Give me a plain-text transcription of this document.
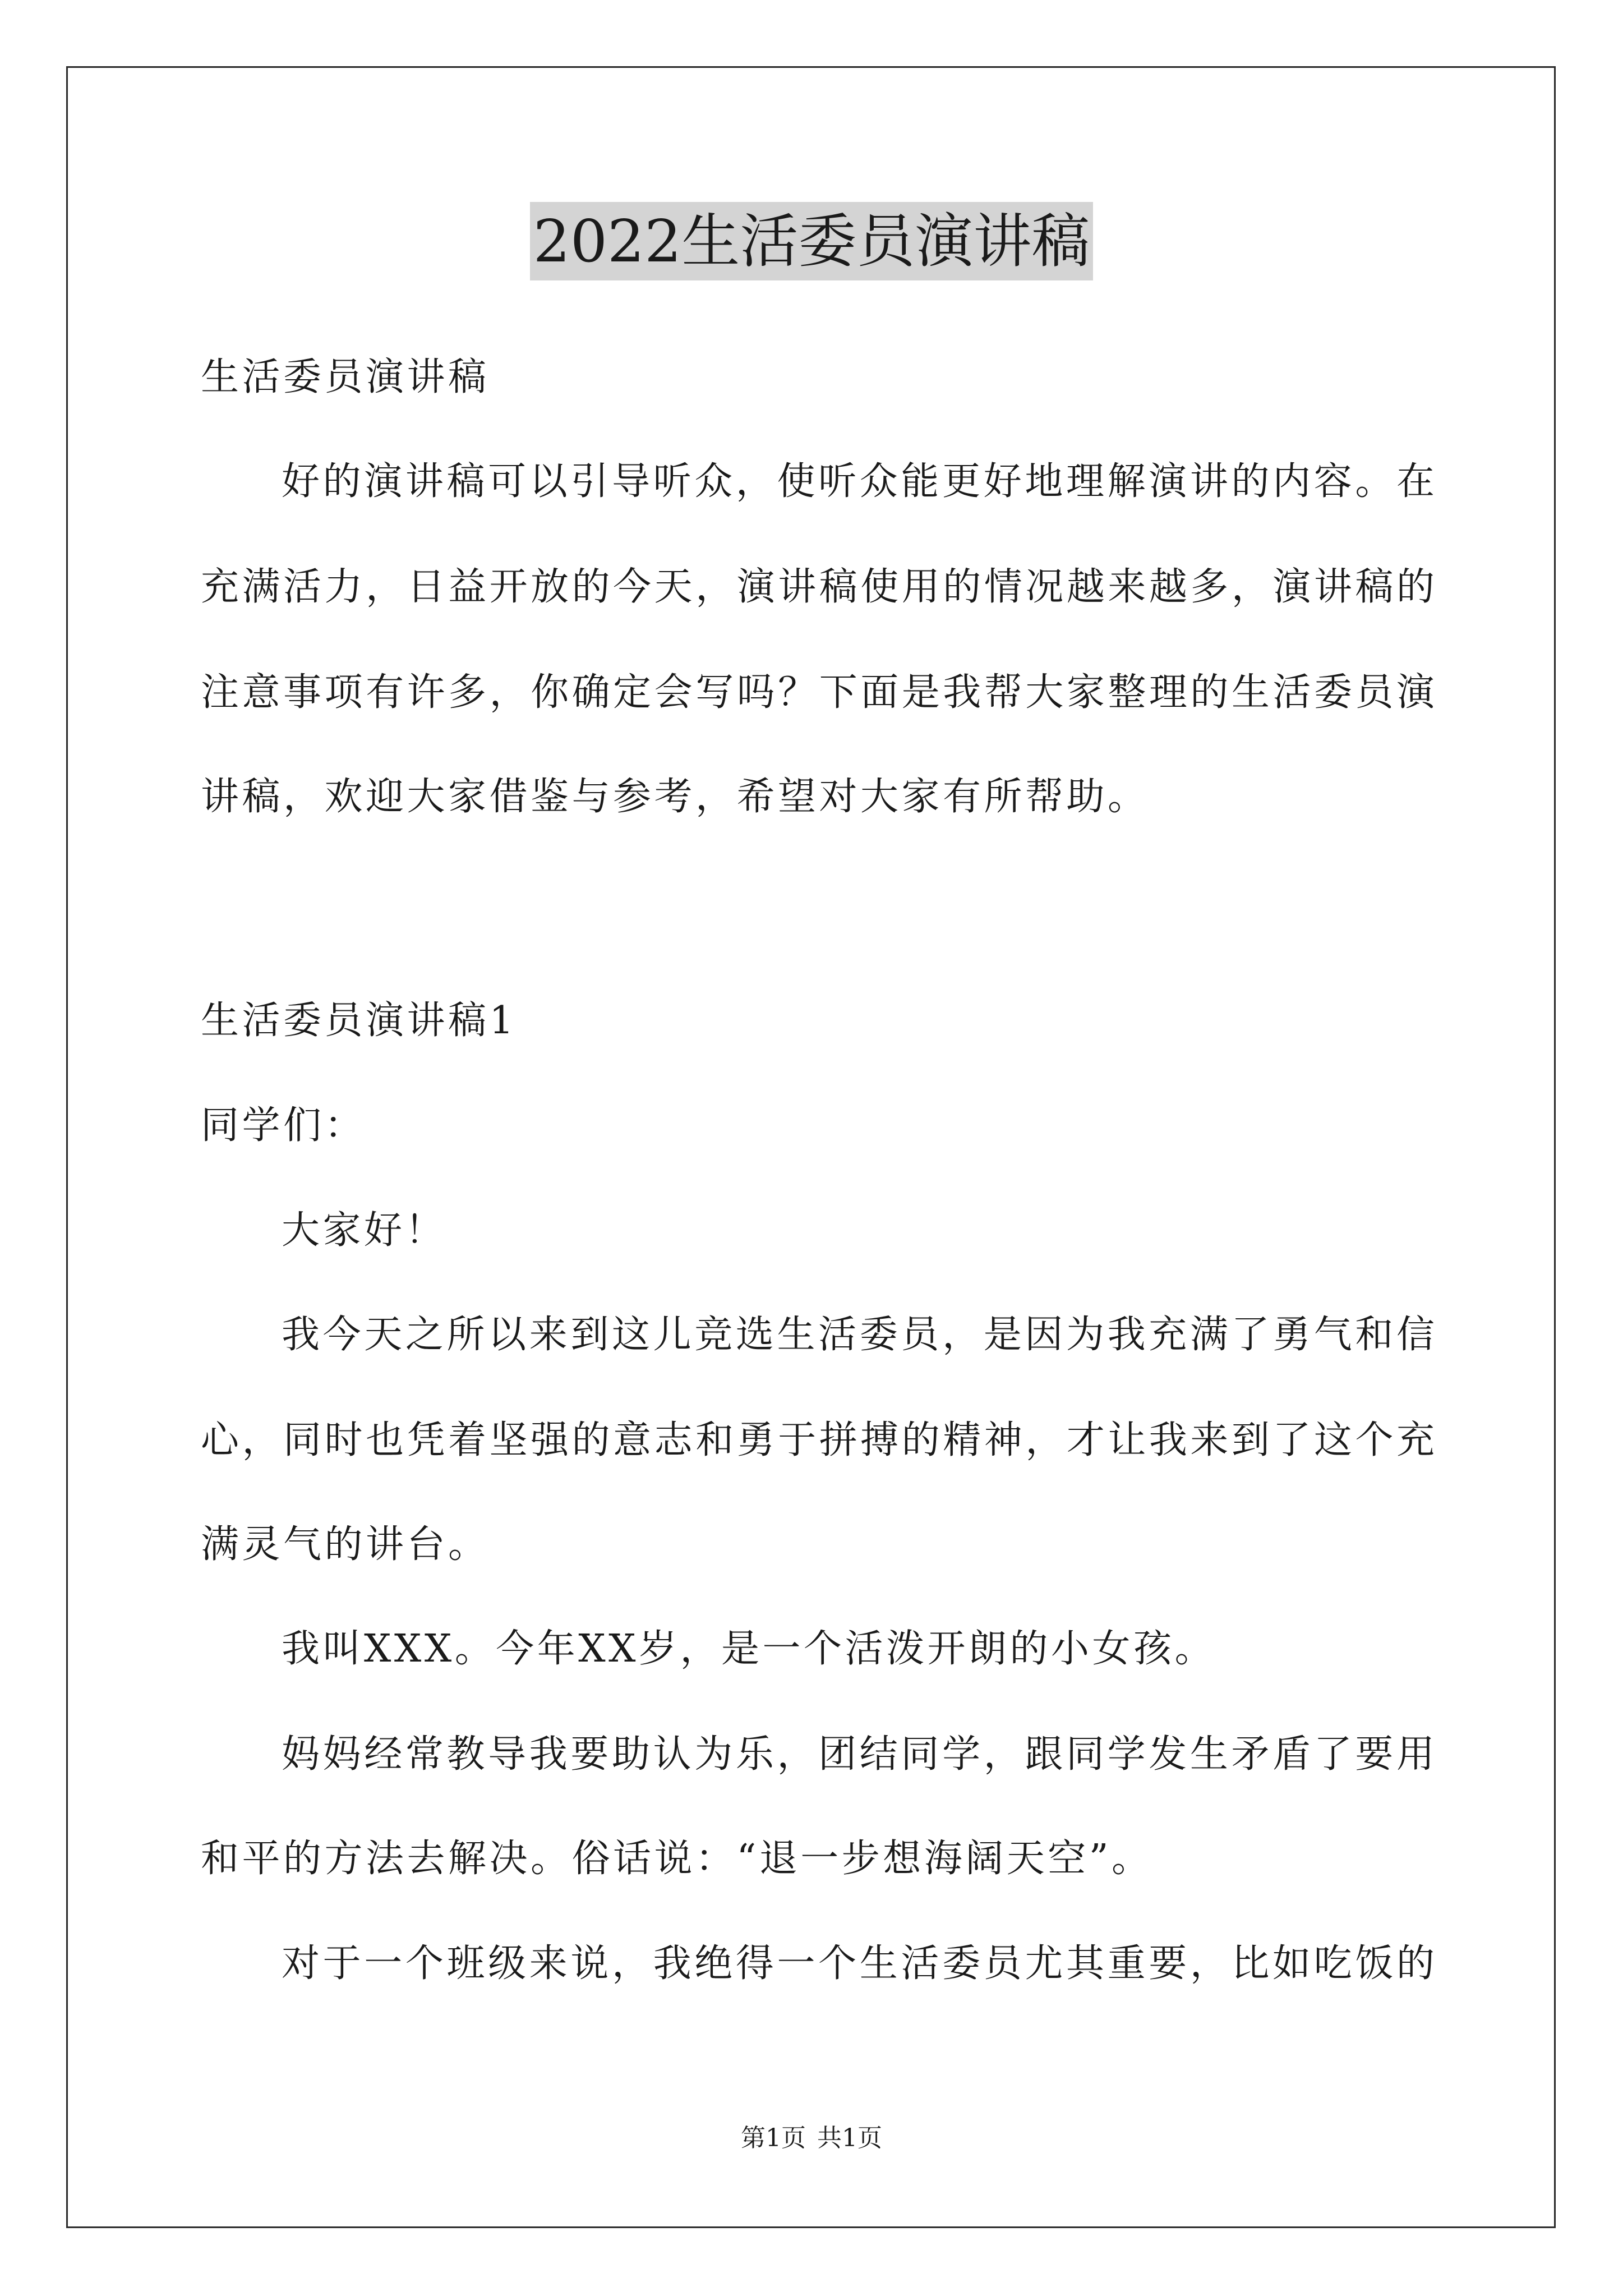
2022生活委员演讲稿
生活委员演讲稿
好的演讲稿可以引导听众，使听众能更好地理解演讲的内容。在
充满活力，日益开放的今天，演讲稿使用的情况越来越多，演讲稿的
注意事项有许多，你确定会写吗？下面是我帮大家整理的生活委员演
讲稿，欢迎大家借鉴与参考，希望对大家有所帮助。
生活委员演讲稿1
同学们：
大家好！
我今天之所以来到这儿竞选生活委员，是因为我充满了勇气和信
心，同时也凭着坚强的意志和勇于拼搏的精神，才让我来到了这个充
满灵气的讲台。
我叫XXX。今年XX岁，是一个活泼开朗的小女孩。
妈妈经常教导我要助认为乐，团结同学，跟同学发生矛盾了要用
和平的方法去解决。俗话说：“退一步想海阔天空”。
对于一个班级来说，我绝得一个生活委员尤其重要，比如吃饭的
第1页 共1页
